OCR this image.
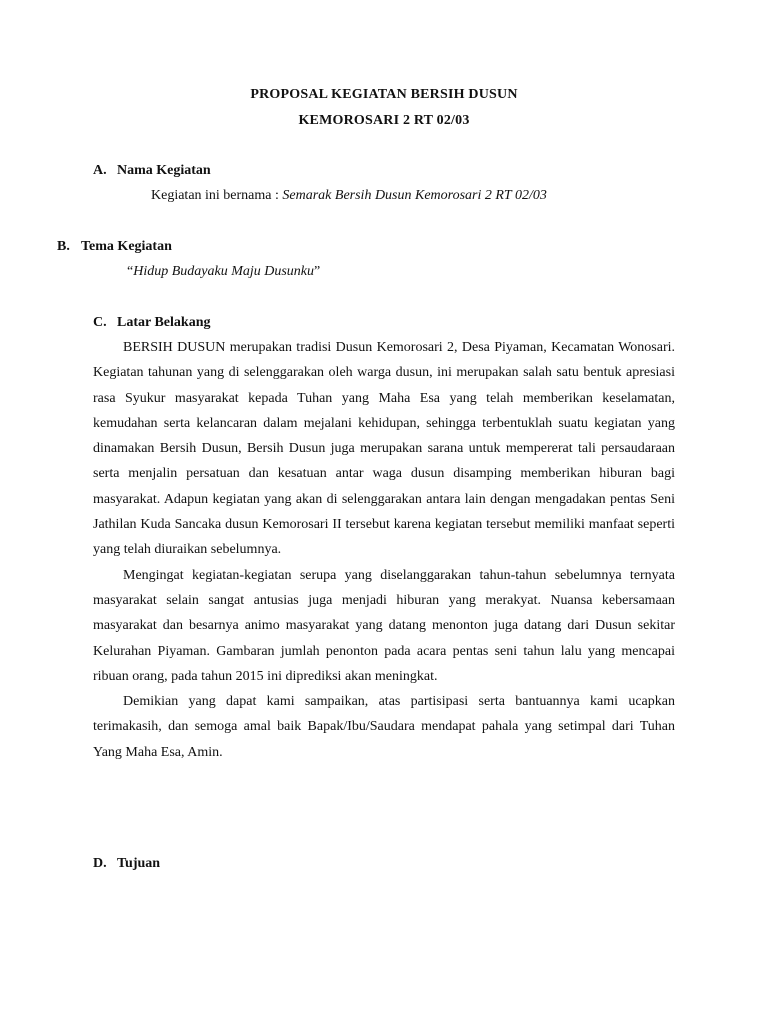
PROPOSAL KEGIATAN BERSIH DUSUN
KEMOROSARI 2 RT 02/03
A. Nama Kegiatan
Kegiatan ini bernama : Semarak Bersih Dusun Kemorosari 2 RT 02/03
B. Tema Kegiatan
“Hidup Budayaku Maju Dusunku”
C. Latar Belakang

BERSIH DUSUN merupakan tradisi Dusun Kemorosari 2, Desa Piyaman, Kecamatan Wonosari. Kegiatan tahunan yang di selenggarakan oleh warga dusun, ini merupakan salah satu bentuk apresiasi rasa Syukur masyarakat kepada Tuhan yang Maha Esa yang telah memberikan keselamatan, kemudahan serta kelancaran dalam mejalani kehidupan, sehingga terbentuklah suatu kegiatan yang dinamakan Bersih Dusun, Bersih Dusun juga merupakan sarana untuk mempererat tali persaudaraan serta menjalin persatuan dan kesatuan antar waga dusun disamping memberikan hiburan bagi masyarakat. Adapun kegiatan yang akan di selenggarakan antara lain dengan mengadakan pentas Seni Jathilan Kuda Sancaka dusun Kemorosari II tersebut karena kegiatan tersebut memiliki manfaat seperti yang telah diuraikan sebelumnya.

Mengingat kegiatan-kegiatan serupa yang diselanggarakan tahun-tahun sebelumnya ternyata masyarakat selain sangat antusias juga menjadi hiburan yang merakyat. Nuansa kebersamaan masyarakat dan besarnya animo masyarakat yang datang menonton juga datang dari Dusun sekitar Kelurahan Piyaman. Gambaran jumlah penonton pada acara pentas seni tahun lalu yang mencapai ribuan orang, pada tahun 2015 ini diprediksi akan meningkat.

Demikian yang dapat kami sampaikan, atas partisipasi serta bantuannya kami ucapkan terimakasih, dan semoga amal baik Bapak/Ibu/Saudara mendapat pahala yang setimpal dari Tuhan Yang Maha Esa, Amin.

D. Tujuan
